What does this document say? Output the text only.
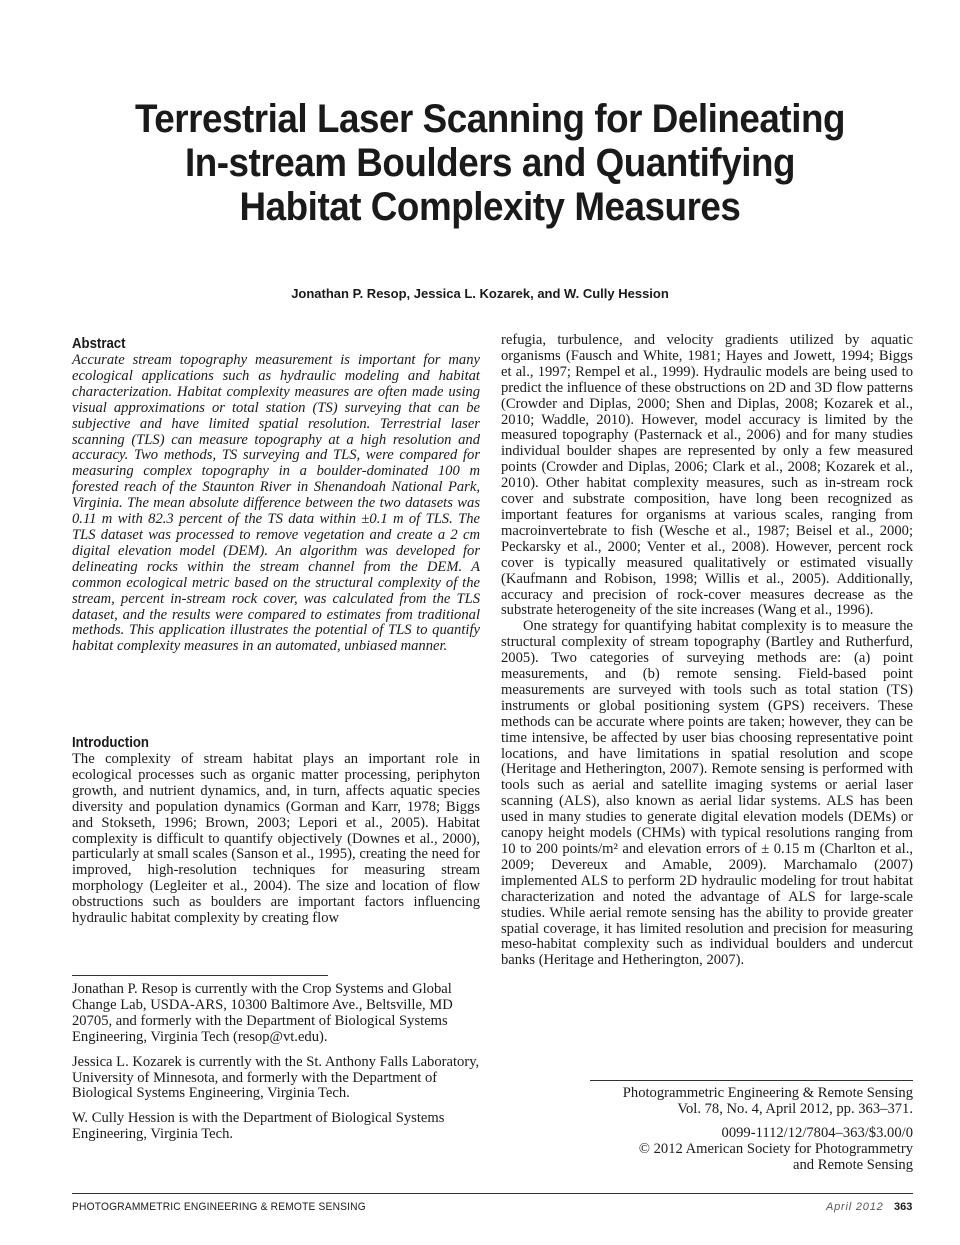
Terrestrial Laser Scanning for Delineating
In-stream Boulders and Quantifying
Habitat Complexity Measures
Jonathan P. Resop, Jessica L. Kozarek, and W. Cully Hession
Abstract

Accurate stream topography measurement is important for many ecological applications such as hydraulic modeling and habitat characterization. Habitat complexity measures are often made using visual approximations or total station (TS) surveying that can be subjective and have limited spatial resolution. Terrestrial laser scanning (TLS) can measure topography at a high resolution and accuracy. Two methods, TS surveying and TLS, were compared for measuring complex topography in a boulder-dominated 100 m forested reach of the Staunton River in Shenandoah National Park, Virginia. The mean absolute difference between the two datasets was 0.11 m with 82.3 percent of the TS data within ±0.1 m of TLS. The TLS dataset was processed to remove vegetation and create a 2 cm digital elevation model (DEM). An algorithm was developed for delineating rocks within the stream channel from the DEM. A common ecological metric based on the structural complexity of the stream, percent in-stream rock cover, was calculated from the TLS dataset, and the results were compared to estimates from traditional methods. This application illustrates the potential of TLS to quantify habitat complexity measures in an automated, unbiased manner.

Introduction

The complexity of stream habitat plays an important role in ecological processes such as organic matter processing, periphyton growth, and nutrient dynamics, and, in turn, affects aquatic species diversity and population dynamics (Gorman and Karr, 1978; Biggs and Stokseth, 1996; Brown, 2003; Lepori et al., 2005). Habitat complexity is difficult to quantify objectively (Downes et al., 2000), particularly at small scales (Sanson et al., 1995), creating the need for improved, high-resolution techniques for measuring stream morphology (Legleiter et al., 2004). The size and location of flow obstructions such as boulders are important factors influencing hydraulic habitat complexity by creating flow

Jonathan P. Resop is currently with the Crop Systems and Global Change Lab, USDA-ARS, 10300 Baltimore Ave., Beltsville, MD 20705, and formerly with the Department of Biological Systems Engineering, Virginia Tech (resop@vt.edu).

Jessica L. Kozarek is currently with the St. Anthony Falls Laboratory, University of Minnesota, and formerly with the Department of Biological Systems Engineering, Virginia Tech.

W. Cully Hession is with the Department of Biological Systems Engineering, Virginia Tech.

refugia, turbulence, and velocity gradients utilized by aquatic organisms (Fausch and White, 1981; Hayes and Jowett, 1994; Biggs et al., 1997; Rempel et al., 1999). Hydraulic models are being used to predict the influence of these obstructions on 2D and 3D flow patterns (Crowder and Diplas, 2000; Shen and Diplas, 2008; Kozarek et al., 2010; Waddle, 2010). However, model accuracy is limited by the measured topography (Pasternack et al., 2006) and for many studies individual boulder shapes are represented by only a few measured points (Crowder and Diplas, 2006; Clark et al., 2008; Kozarek et al., 2010). Other habitat complexity measures, such as in-stream rock cover and substrate composition, have long been recognized as important features for organisms at various scales, ranging from macroinvertebrate to fish (Wesche et al., 1987; Beisel et al., 2000; Peckarsky et al., 2000; Venter et al., 2008). However, percent rock cover is typically measured qualitatively or estimated visually (Kaufmann and Robison, 1998; Willis et al., 2005). Additionally, accuracy and precision of rock-cover measures decrease as the substrate heterogeneity of the site increases (Wang et al., 1996).

One strategy for quantifying habitat complexity is to measure the structural complexity of stream topography (Bartley and Rutherfurd, 2005). Two categories of surveying methods are: (a) point measurements, and (b) remote sensing. Field-based point measurements are surveyed with tools such as total station (TS) instruments or global positioning system (GPS) receivers. These methods can be accurate where points are taken; however, they can be time intensive, be affected by user bias choosing representative point locations, and have limitations in spatial resolution and scope (Heritage and Hetherington, 2007). Remote sensing is performed with tools such as aerial and satellite imaging systems or aerial laser scanning (ALS), also known as aerial lidar systems. ALS has been used in many studies to generate digital elevation models (DEMs) or canopy height models (CHMs) with typical resolutions ranging from 10 to 200 points/m² and elevation errors of ± 0.15 m (Charlton et al., 2009; Devereux and Amable, 2009). Marchamalo (2007) implemented ALS to perform 2D hydraulic modeling for trout habitat characterization and noted the advantage of ALS for large-scale studies. While aerial remote sensing has the ability to provide greater spatial coverage, it has limited resolution and precision for measuring meso-habitat complexity such as individual boulders and undercut banks (Heritage and Hetherington, 2007).

Photogrammetric Engineering & Remote Sensing
Vol. 78, No. 4, April 2012, pp. 363–371.
0099-1112/12/7804–363/$3.00/0
© 2012 American Society for Photogrammetry
and Remote Sensing
PHOTOGRAMMETRIC ENGINEERING & REMOTE SENSING	April 2012 363
